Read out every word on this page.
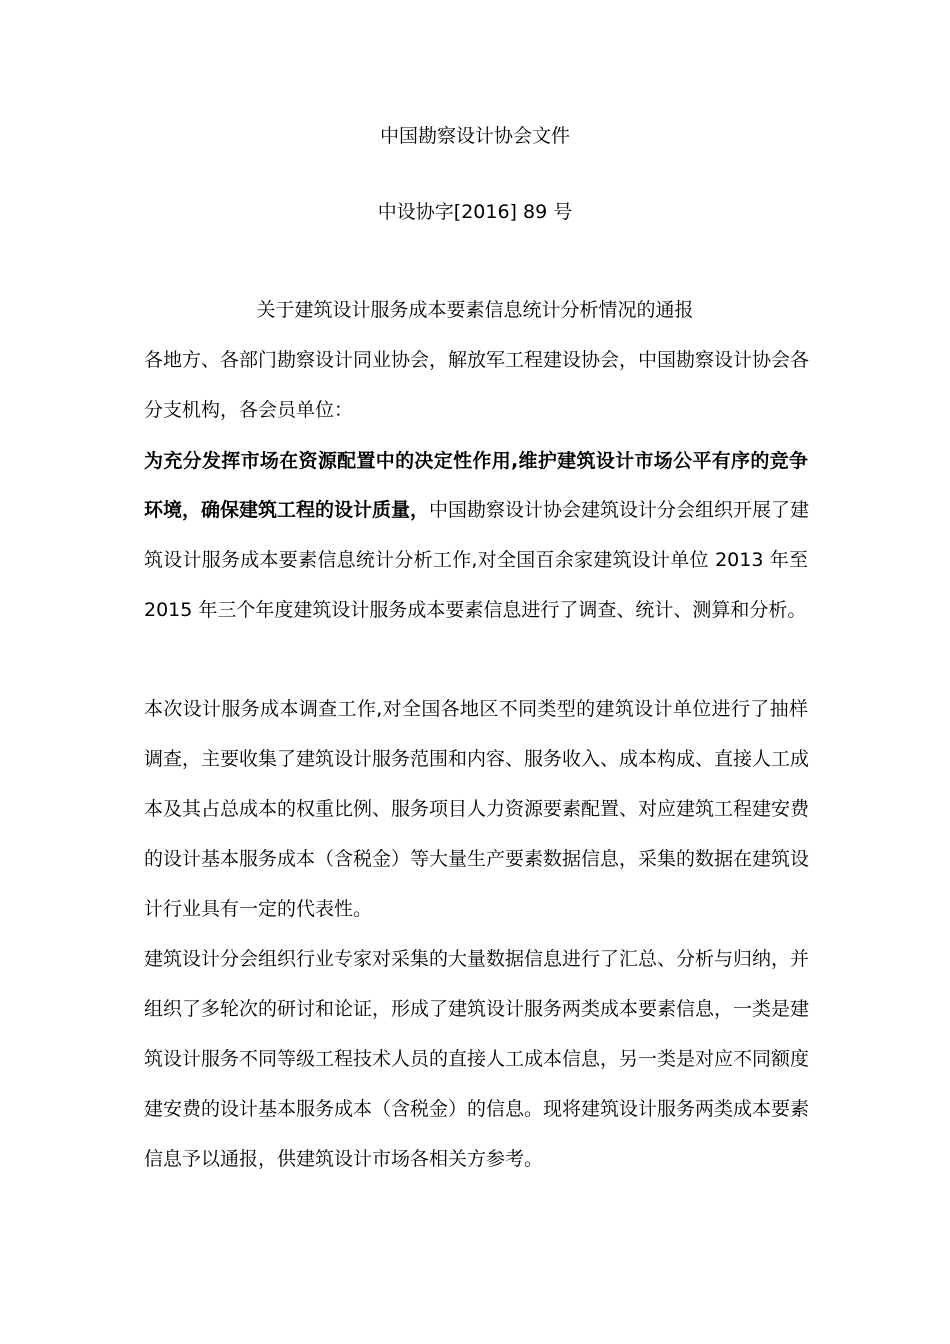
中国勘察设计协会文件
中设协字[2016] 89 号
关于建筑设计服务成本要素信息统计分析情况的通报
各地方、各部门勘察设计同业协会，解放军工程建设协会，中国勘察设计协会各
分支机构，各会员单位：
为充分发挥市场在资源配置中的决定性作用,维护建筑设计市场公平有序的竞争
环境，确保建筑工程的设计质量，中国勘察设计协会建筑设计分会组织开展了建
筑设计服务成本要素信息统计分析工作,对全国百余家建筑设计单位 2013 年至
2015 年三个年度建筑设计服务成本要素信息进行了调查、统计、测算和分析。
本次设计服务成本调查工作,对全国各地区不同类型的建筑设计单位进行了抽样
调查，主要收集了建筑设计服务范围和内容、服务收入、成本构成、直接人工成
本及其占总成本的权重比例、服务项目人力资源要素配置、对应建筑工程建安费
的设计基本服务成本（含税金）等大量生产要素数据信息，采集的数据在建筑设
计行业具有一定的代表性。
建筑设计分会组织行业专家对采集的大量数据信息进行了汇总、分析与归纳，并
组织了多轮次的研讨和论证，形成了建筑设计服务两类成本要素信息，一类是建
筑设计服务不同等级工程技术人员的直接人工成本信息，另一类是对应不同额度
建安费的设计基本服务成本（含税金）的信息。现将建筑设计服务两类成本要素
信息予以通报，供建筑设计市场各相关方参考。
